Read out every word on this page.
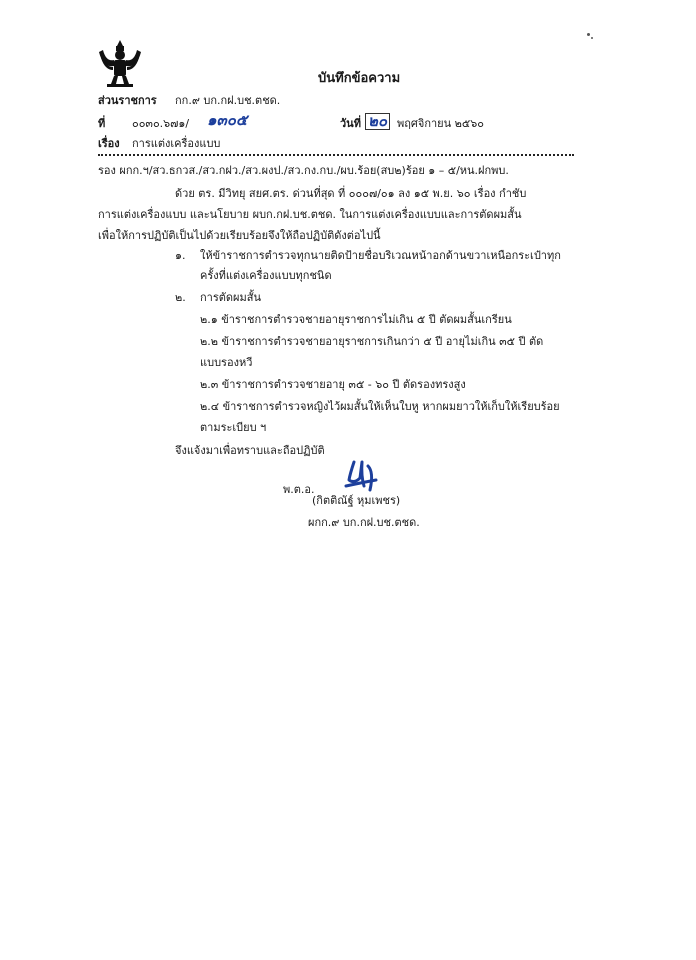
บันทึกข้อความ
ส่วนราชการ กก.๙ บก.กฝ.บช.ตชด.
ที่ ๐๐๓๐.๖๗๑/ ๑๓๐๕	วันที่ ๒๐ พฤศจิกายน ๒๕๖๐
เรื่อง การแต่งเครื่องแบบ
รอง ผกก.ฯ/สว.ธกวส./สว.กฝว./สว.ผงป./สว.กง.กบ./ผบ.ร้อย(สบ๒)ร้อย ๑ – ๕/หน.ฝกพบ.
ด้วย ตร. มีวิทยุ สยศ.ตร. ด่วนที่สุด ที่ ๐๐๐๗/๐๑ ลง ๑๕ พ.ย. ๖๐ เรื่อง กำชับ
การแต่งเครื่องแบบ และนโยบาย ผบก.กฝ.บช.ตชด. ในการแต่งเครื่องแบบและการตัดผมสั้น
เพื่อให้การปฏิบัติเป็นไปด้วยเรียบร้อยจึงให้ถือปฏิบัติดังต่อไปนี้
๑. ให้ข้าราชการตำรวจทุกนายติดป้ายชื่อบริเวณหน้าอกด้านขวาเหนือกระเป๋าทุก
ครั้งที่แต่งเครื่องแบบทุกชนิด
๒. การตัดผมสั้น
๒.๑ ข้าราชการตำรวจชายอายุราชการไม่เกิน ๕ ปี ตัดผมสั้นเกรียน
๒.๒ ข้าราชการตำรวจชายอายุราชการเกินกว่า ๕ ปี อายุไม่เกิน ๓๕ ปี ตัด
แบบรองหวี
๒.๓ ข้าราชการตำรวจชายอายุ ๓๕ - ๖๐ ปี ตัดรองทรงสูง
๒.๔ ข้าราชการตำรวจหญิงไว้ผมสั้นให้เห็นใบหู หากผมยาวให้เก็บให้เรียบร้อย
ตามระเบียบ ฯ
จึงแจ้งมาเพื่อทราบและถือปฏิบัติ
พ.ต.อ.
(กิตติณัฐ์ หุมเพชร)
ผกก.๙ บก.กฝ.บช.ตชด.
